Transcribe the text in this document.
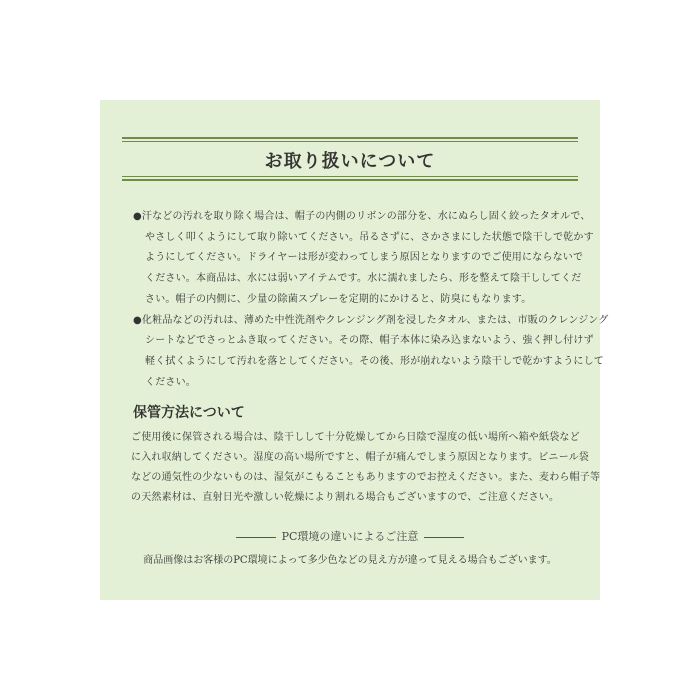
お取り扱いについて
●汗などの汚れを取り除く場合は、帽子の内側のリボンの部分を、水にぬらし固く絞ったタオルで、
やさしく叩くようにして取り除いてください。吊るさずに、さかさまにした状態で陰干しで乾かす
ようにしてください。ドライヤーは形が変わってしまう原因となりますのでご使用にならないで
ください。本商品は、水には弱いアイテムです。水に濡れましたら、形を整えて陰干ししてくだ
さい。帽子の内側に、少量の除菌スプレーを定期的にかけると、防臭にもなります。
●化粧品などの汚れは、薄めた中性洗剤やクレンジング剤を浸したタオル、または、市販のクレンジング
シートなどでさっとふき取ってください。その際、帽子本体に染み込まないよう、強く押し付けず
軽く拭くようにして汚れを落としてください。その後、形が崩れないよう陰干しで乾かすようにして
ください。
保管方法について
ご使用後に保管される場合は、陰干しして十分乾燥してから日陰で湿度の低い場所へ箱や紙袋など
に入れ収納してください。湿度の高い場所ですと、帽子が痛んでしまう原因となります。ビニール袋
などの通気性の少ないものは、湿気がこもることもありますのでお控えください。また、麦わら帽子等
の天然素材は、直射日光や激しい乾燥により割れる場合もございますので、ご注意ください。
PC環境の違いによるご注意
商品画像はお客様のPC環境によって多少色などの見え方が違って見える場合もございます。
